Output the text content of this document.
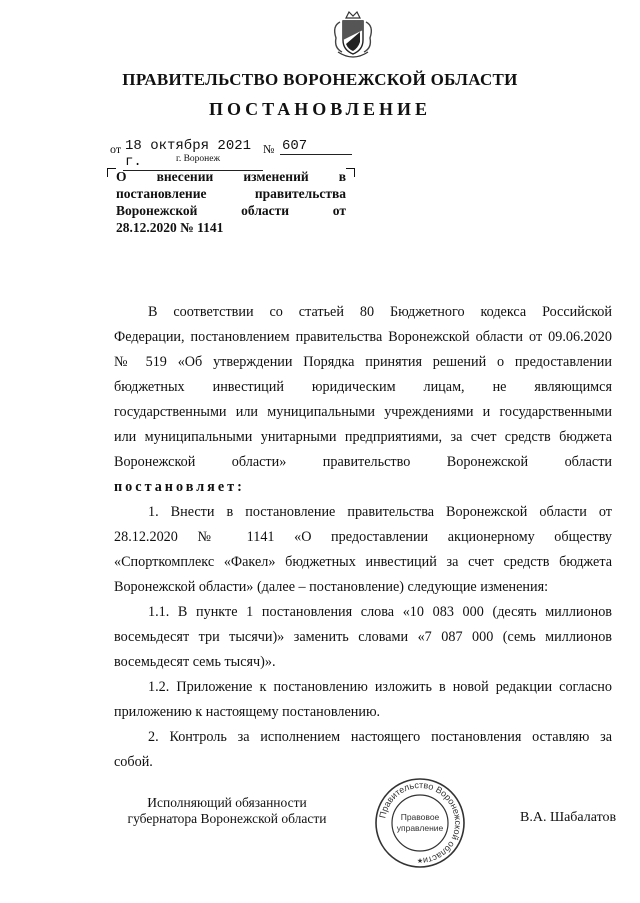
ПРАВИТЕЛЬСТВО ВОРОНЕЖСКОЙ ОБЛАСТИ
ПОСТАНОВЛЕНИЕ
от 18 октября 2021 г.
№ 607
г. Воронеж
О внесении изменений в
постановление	правительства
Воронежской	области	от
28.12.2020 № 1141

В соответствии со статьей 80 Бюджетного кодекса Российской

Федерации, постановлением правительства Воронежской области от 09.06.2020

№ 519 «Об утверждении Порядка принятия решений о предоставлении

бюджетных инвестиций юридическим лицам, не являющимся

государственными или муниципальными учреждениями и государственными

или муниципальными унитарными предприятиями, за счет средств бюджета

Воронежской области» правительство Воронежской области

постановляет:

1. Внести в постановление правительства Воронежской области от

28.12.2020 № 1141 «О предоставлении акционерному обществу

«Спорткомплекс «Факел» бюджетных инвестиций за счет средств бюджета

Воронежской области» (далее – постановление) следующие изменения:

1.1. В пункте 1 постановления слова «10 083 000 (десять миллионов

восемьдесят три тысячи)» заменить словами «7 087 000 (семь миллионов

восемьдесят семь тысяч)».

1.2. Приложение к постановлению изложить в новой редакции согласно

приложению к настоящему постановлению.

2. Контроль за исполнением настоящего постановления оставляю за

собой.

Исполняющий обязанности
губернатора Воронежской области	Правительство Воронежской области
Правовое
управление
★
В.А. Шабалатов
